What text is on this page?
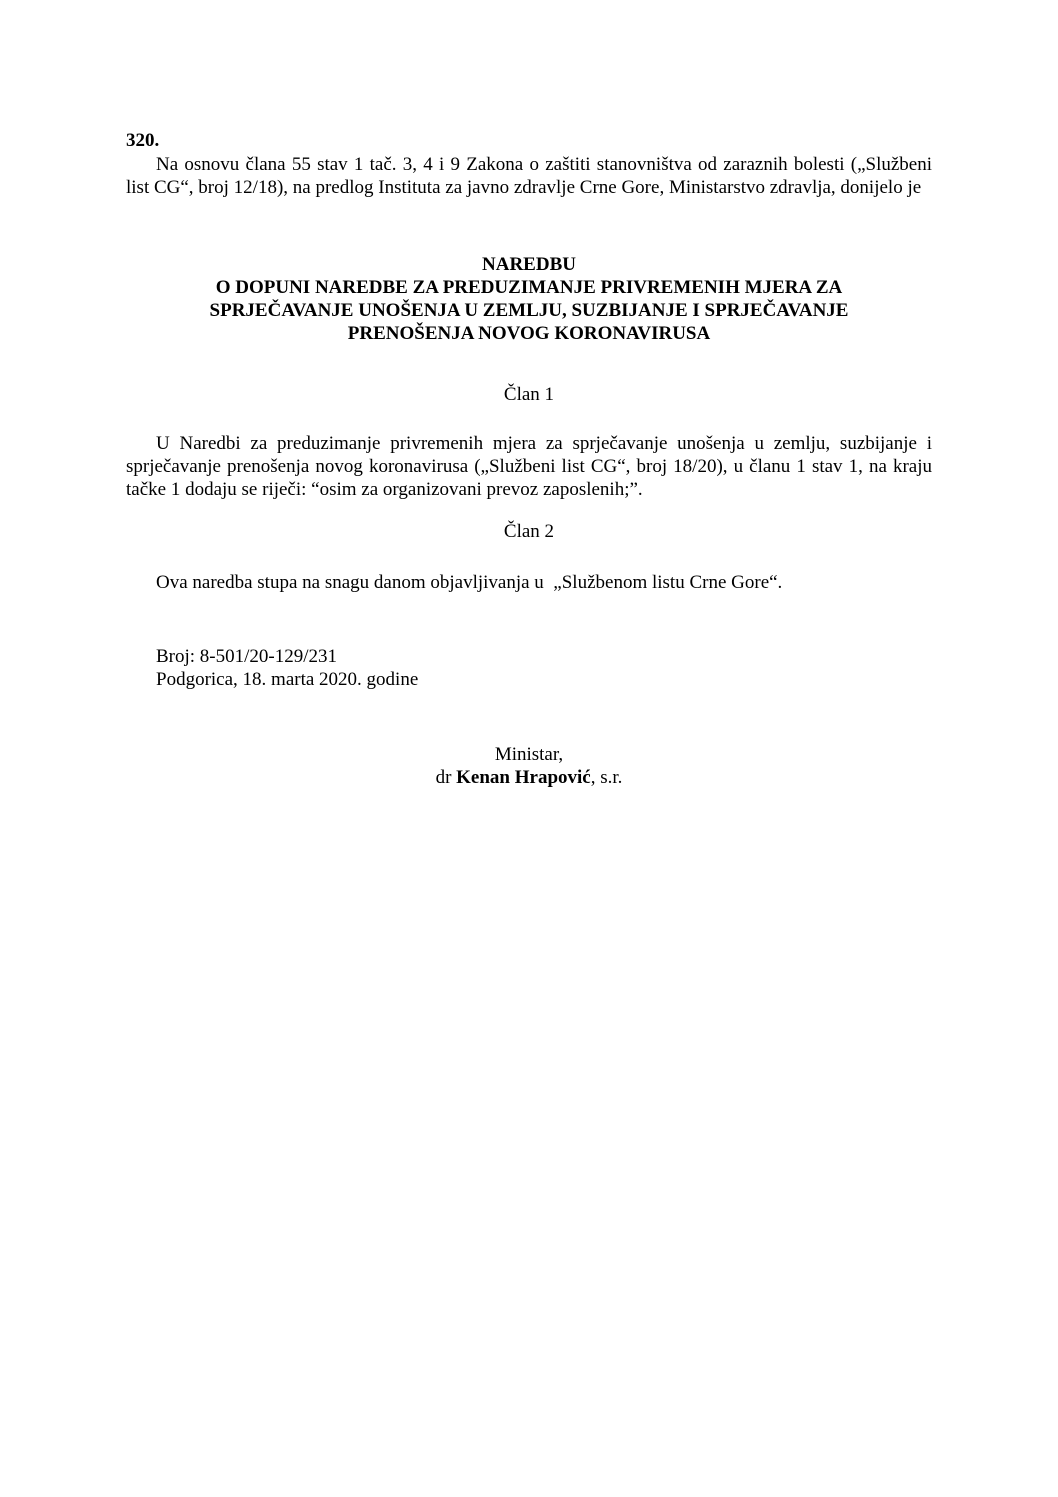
320.
Na osnovu člana 55 stav 1 tač. 3, 4 i 9 Zakona o zaštiti stanovništva od zaraznih bolesti („Službeni list CG“, broj 12/18), na predlog Instituta za javno zdravlje Crne Gore, Ministarstvo zdravlja, donijelo je
NAREDBU
O DOPUNI NAREDBE ZA PREDUZIMANJE PRIVREMENIH MJERA ZA
SPRJEČAVANJE UNOŠENJA U ZEMLJU, SUZBIJANJE I SPRJEČAVANJE
PRENOŠENJA NOVOG KORONAVIRUSA
Član 1
U Naredbi za preduzimanje privremenih mjera za sprječavanje unošenja u zemlju, suzbijanje i sprječavanje prenošenja novog koronavirusa („Službeni list CG“, broj 18/20), u članu 1 stav 1, na kraju tačke 1 dodaju se riječi: “osim za organizovani prevoz zaposlenih;”.
Član 2
Ova naredba stupa na snagu danom objavljivanja u  „Službenom listu Crne Gore“.
Broj: 8-501/20-129/231
Podgorica, 18. marta 2020. godine
Ministar,
dr Kenan Hrapović, s.r.
